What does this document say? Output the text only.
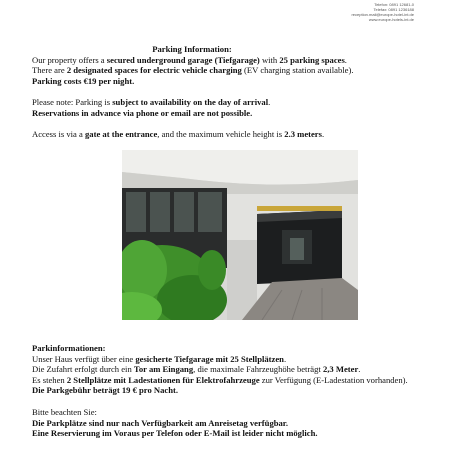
Telefon: 0891 12681-0
Telefax: 0891 1236188
reception.mail@europe-hotel-int.de
www.europe-hotels-int.de

Parking Information:

Our property offers a secured underground garage (Tiefgarage) with 25 parking spaces.

There are 2 designated spaces for electric vehicle charging (EV charging station available).

Parking costs €19 per night.

Please note: Parking is subject to availability on the day of arrival.

Reservations in advance via phone or email are not possible.

Access is via a gate at the entrance, and the maximum vehicle height is 2.3 meters.

Parkinformationen:

Unser Haus verfügt über eine gesicherte Tiefgarage mit 25 Stellplätzen.

Die Zufahrt erfolgt durch ein Tor am Eingang, die maximale Fahrzeughöhe beträgt 2,3 Meter.

Es stehen 2 Stellplätze mit Ladestationen für Elektrofahrzeuge zur Verfügung (E-Ladestation vorhanden).

Die Parkgebühr beträgt 19 € pro Nacht.

Bitte beachten Sie:

Die Parkplätze sind nur nach Verfügbarkeit am Anreisetag verfügbar.

Eine Reservierung im Voraus per Telefon oder E-Mail ist leider nicht möglich.
